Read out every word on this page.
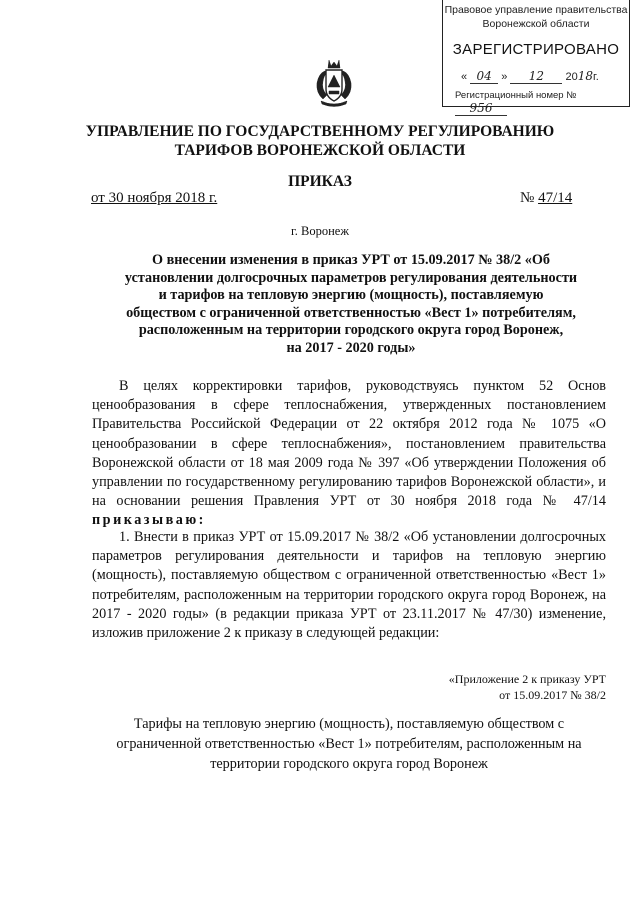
Правовое управление правительства
Воронежской области
ЗАРЕГИСТРИРОВАНО
« 04 » 12 2018г.
Регистрационный номер № 956
УПРАВЛЕНИЕ ПО ГОСУДАРСТВЕННОМУ РЕГУЛИРОВАНИЮ
ТАРИФОВ ВОРОНЕЖСКОЙ ОБЛАСТИ
ПРИКАЗ
от 30 ноября 2018 г.	№ 47/14
г. Воронеж
О внесении изменения в приказ УРТ от 15.09.2017 № 38/2 «Об
установлении долгосрочных параметров регулирования деятельности
и тарифов на тепловую энергию (мощность), поставляемую
обществом с ограниченной ответственностью «Вест 1» потребителям,
расположенным на территории городского округа город Воронеж,
на 2017 - 2020 годы»
В целях корректировки тарифов, руководствуясь пунктом 52 Основ ценообразования в сфере теплоснабжения, утвержденных постановлением Правительства Российской Федерации от 22 октября 2012 года № 1075 «О ценообразовании в сфере теплоснабжения», постановлением правительства Воронежской области от 18 мая 2009 года № 397 «Об утверждении Положения об управлении по государственному регулированию тарифов Воронежской области», и на основании решения Правления УРТ от 30 ноября 2018 года № 47/14 приказываю:
1. Внести в приказ УРТ от 15.09.2017 № 38/2 «Об установлении долгосрочных параметров регулирования деятельности и тарифов на тепловую энергию (мощность), поставляемую обществом с ограниченной ответственностью «Вест 1» потребителям, расположенным на территории городского округа город Воронеж, на 2017 - 2020 годы» (в редакции приказа УРТ от 23.11.2017 № 47/30) изменение, изложив приложение 2 к приказу в следующей редакции:
«Приложение 2 к приказу УРТ
от 15.09.2017 № 38/2
Тарифы на тепловую энергию (мощность), поставляемую обществом с
ограниченной ответственностью «Вест 1» потребителям, расположенным на
территории городского округа город Воронеж
